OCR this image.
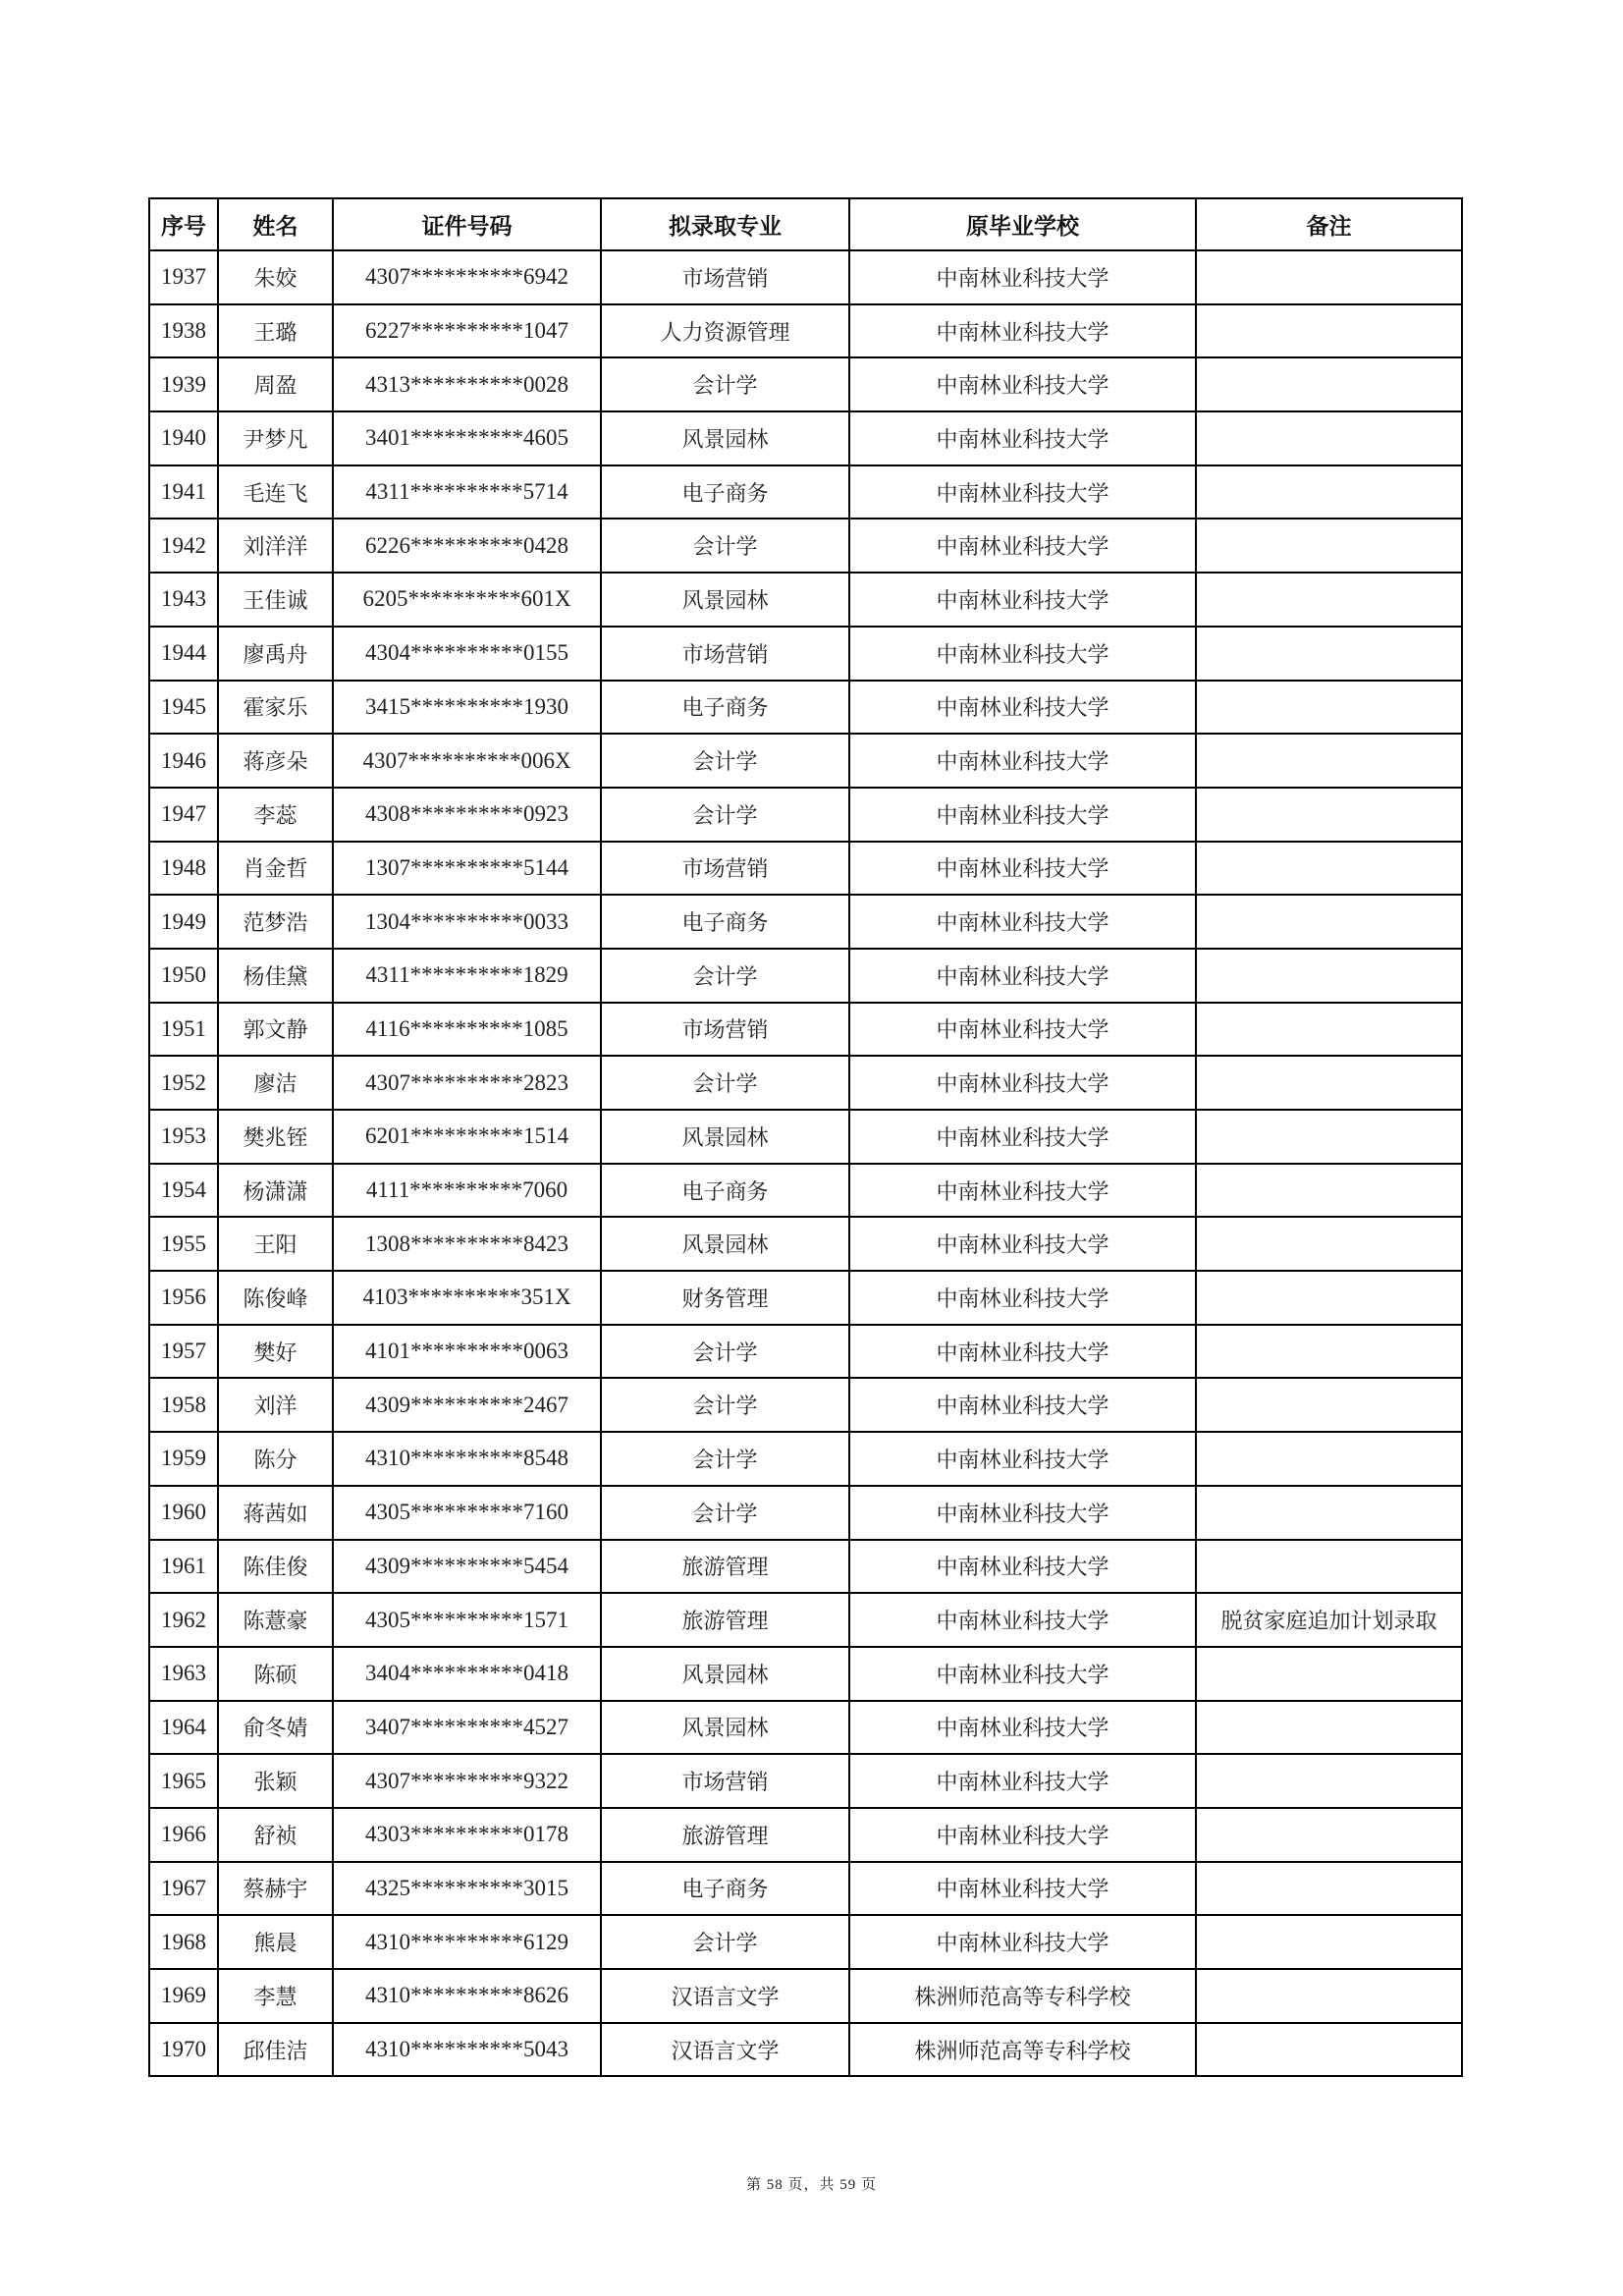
序号	姓名	证件号码	拟录取专业	原毕业学校	备注
1937	朱姣	4307**********6942	市场营销	中南林业科技大学	
1938	王璐	6227**********1047	人力资源管理	中南林业科技大学	
1939	周盈	4313**********0028	会计学	中南林业科技大学	
1940	尹梦凡	3401**********4605	风景园林	中南林业科技大学	
1941	毛连飞	4311**********5714	电子商务	中南林业科技大学	
1942	刘洋洋	6226**********0428	会计学	中南林业科技大学	
1943	王佳诚	6205**********601X	风景园林	中南林业科技大学	
1944	廖禹舟	4304**********0155	市场营销	中南林业科技大学	
1945	霍家乐	3415**********1930	电子商务	中南林业科技大学	
1946	蒋彦朵	4307**********006X	会计学	中南林业科技大学	
1947	李蕊	4308**********0923	会计学	中南林业科技大学	
1948	肖金哲	1307**********5144	市场营销	中南林业科技大学	
1949	范梦浩	1304**********0033	电子商务	中南林业科技大学	
1950	杨佳黛	4311**********1829	会计学	中南林业科技大学	
1951	郭文静	4116**********1085	市场营销	中南林业科技大学	
1952	廖洁	4307**********2823	会计学	中南林业科技大学	
1953	樊兆铚	6201**********1514	风景园林	中南林业科技大学	
1954	杨潇潇	4111**********7060	电子商务	中南林业科技大学	
1955	王阳	1308**********8423	风景园林	中南林业科技大学	
1956	陈俊峰	4103**********351X	财务管理	中南林业科技大学	
1957	樊好	4101**********0063	会计学	中南林业科技大学	
1958	刘洋	4309**********2467	会计学	中南林业科技大学	
1959	陈分	4310**********8548	会计学	中南林业科技大学	
1960	蒋茜如	4305**********7160	会计学	中南林业科技大学	
1961	陈佳俊	4309**********5454	旅游管理	中南林业科技大学	
1962	陈薏豪	4305**********1571	旅游管理	中南林业科技大学	脱贫家庭追加计划录取
1963	陈硕	3404**********0418	风景园林	中南林业科技大学	
1964	俞冬婧	3407**********4527	风景园林	中南林业科技大学	
1965	张颖	4307**********9322	市场营销	中南林业科技大学	
1966	舒祯	4303**********0178	旅游管理	中南林业科技大学	
1967	蔡赫宇	4325**********3015	电子商务	中南林业科技大学	
1968	熊晨	4310**********6129	会计学	中南林业科技大学	
1969	李慧	4310**********8626	汉语言文学	株洲师范高等专科学校	
1970	邱佳洁	4310**********5043	汉语言文学	株洲师范高等专科学校	
第 58 页，共 59 页
